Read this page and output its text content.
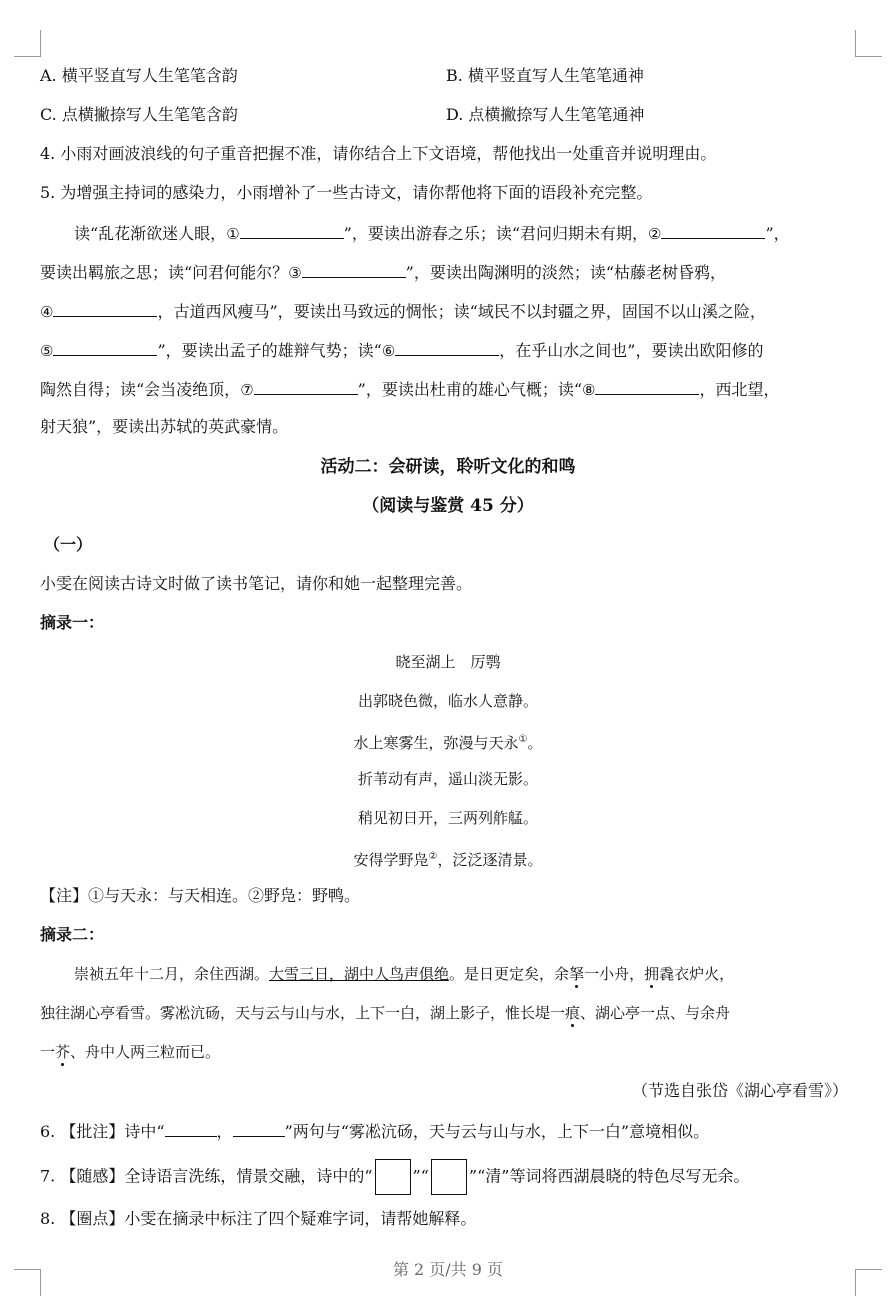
A. 横平竖直写人生笔笔含韵	B. 横平竖直写人生笔笔通神
C. 点横撇捺写人生笔笔含韵	D. 点横撇捺写人生笔笔通神
4. 小雨对画波浪线的句子重音把握不准，请你结合上下文语境，帮他找出一处重音并说明理由。
5. 为增强主持词的感染力，小雨增补了一些古诗文，请你帮他将下面的语段补充完整。
读“乱花渐欲迷人眼，①	”，要读出游春之乐；读“君问归期未有期，②	”，
要读出羁旅之思；读“问君何能尔？③	”，要读出陶渊明的淡然；读“枯藤老树昏鸦，
④	，古道西风瘦马”，要读出马致远的惆怅；读“域民不以封疆之界，固国不以山溪之险，
⑤	”，要读出孟子的雄辩气势；读“⑥	，在乎山水之间也”，要读出欧阳修的
陶然自得；读“会当凌绝顶，⑦	”，要读出杜甫的雄心气概；读“⑧	，西北望，
射天狼”，要读出苏轼的英武豪情。
活动二：会研读，聆听文化的和鸣
（阅读与鉴赏 45 分）
（一）
小雯在阅读古诗文时做了读书笔记，请你和她一起整理完善。
摘录一：
晓至湖上　厉鹗
出郭晓色微，临水人意静。
水上寒雾生，弥漫与天永①。
折苇动有声，遥山淡无影。
稍见初日开，三两列舴艋。
安得学野凫②，泛泛逐清景。
【注】①与天永：与天相连。②野凫：野鸭。
摘录二：
崇祯五年十二月，余住西湖。大雪三日，湖中人鸟声俱绝。是日更定矣，余拏一小舟，拥毳衣炉火，
独往湖心亭看雪。雾凇沆砀，天与云与山与水，上下一白，湖上影子，惟长堤一痕、湖心亭一点、与余舟
一芥、舟中人两三粒而已。
（节选自张岱《湖心亭看雪》）
6. 【批注】诗中“	，	”两句与“雾凇沆砀，天与云与山与水，上下一白”意境相似。
7. 【随感】全诗语言洗练，情景交融，诗中的“	”“	”“清”等词将西湖晨晓的特色尽写无余。
8. 【圈点】小雯在摘录中标注了四个疑难字词，请帮她解释。
第 2 页/共 9 页
